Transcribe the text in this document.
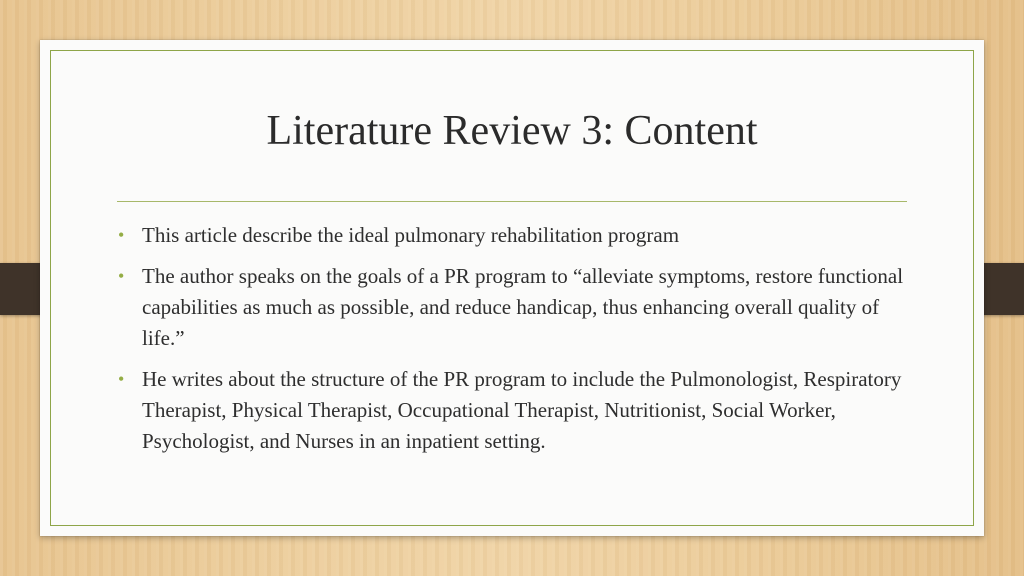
Literature Review 3: Content
• This article describe the ideal pulmonary rehabilitation program
• The author speaks on the goals of a PR program to “alleviate symptoms, restore functional capabilities as much as possible, and reduce handicap, thus enhancing overall quality of life.”
• He writes about the structure of the PR program to include the Pulmonologist, Respiratory Therapist, Physical Therapist, Occupational Therapist, Nutritionist, Social Worker, Psychologist, and Nurses in an inpatient setting.
